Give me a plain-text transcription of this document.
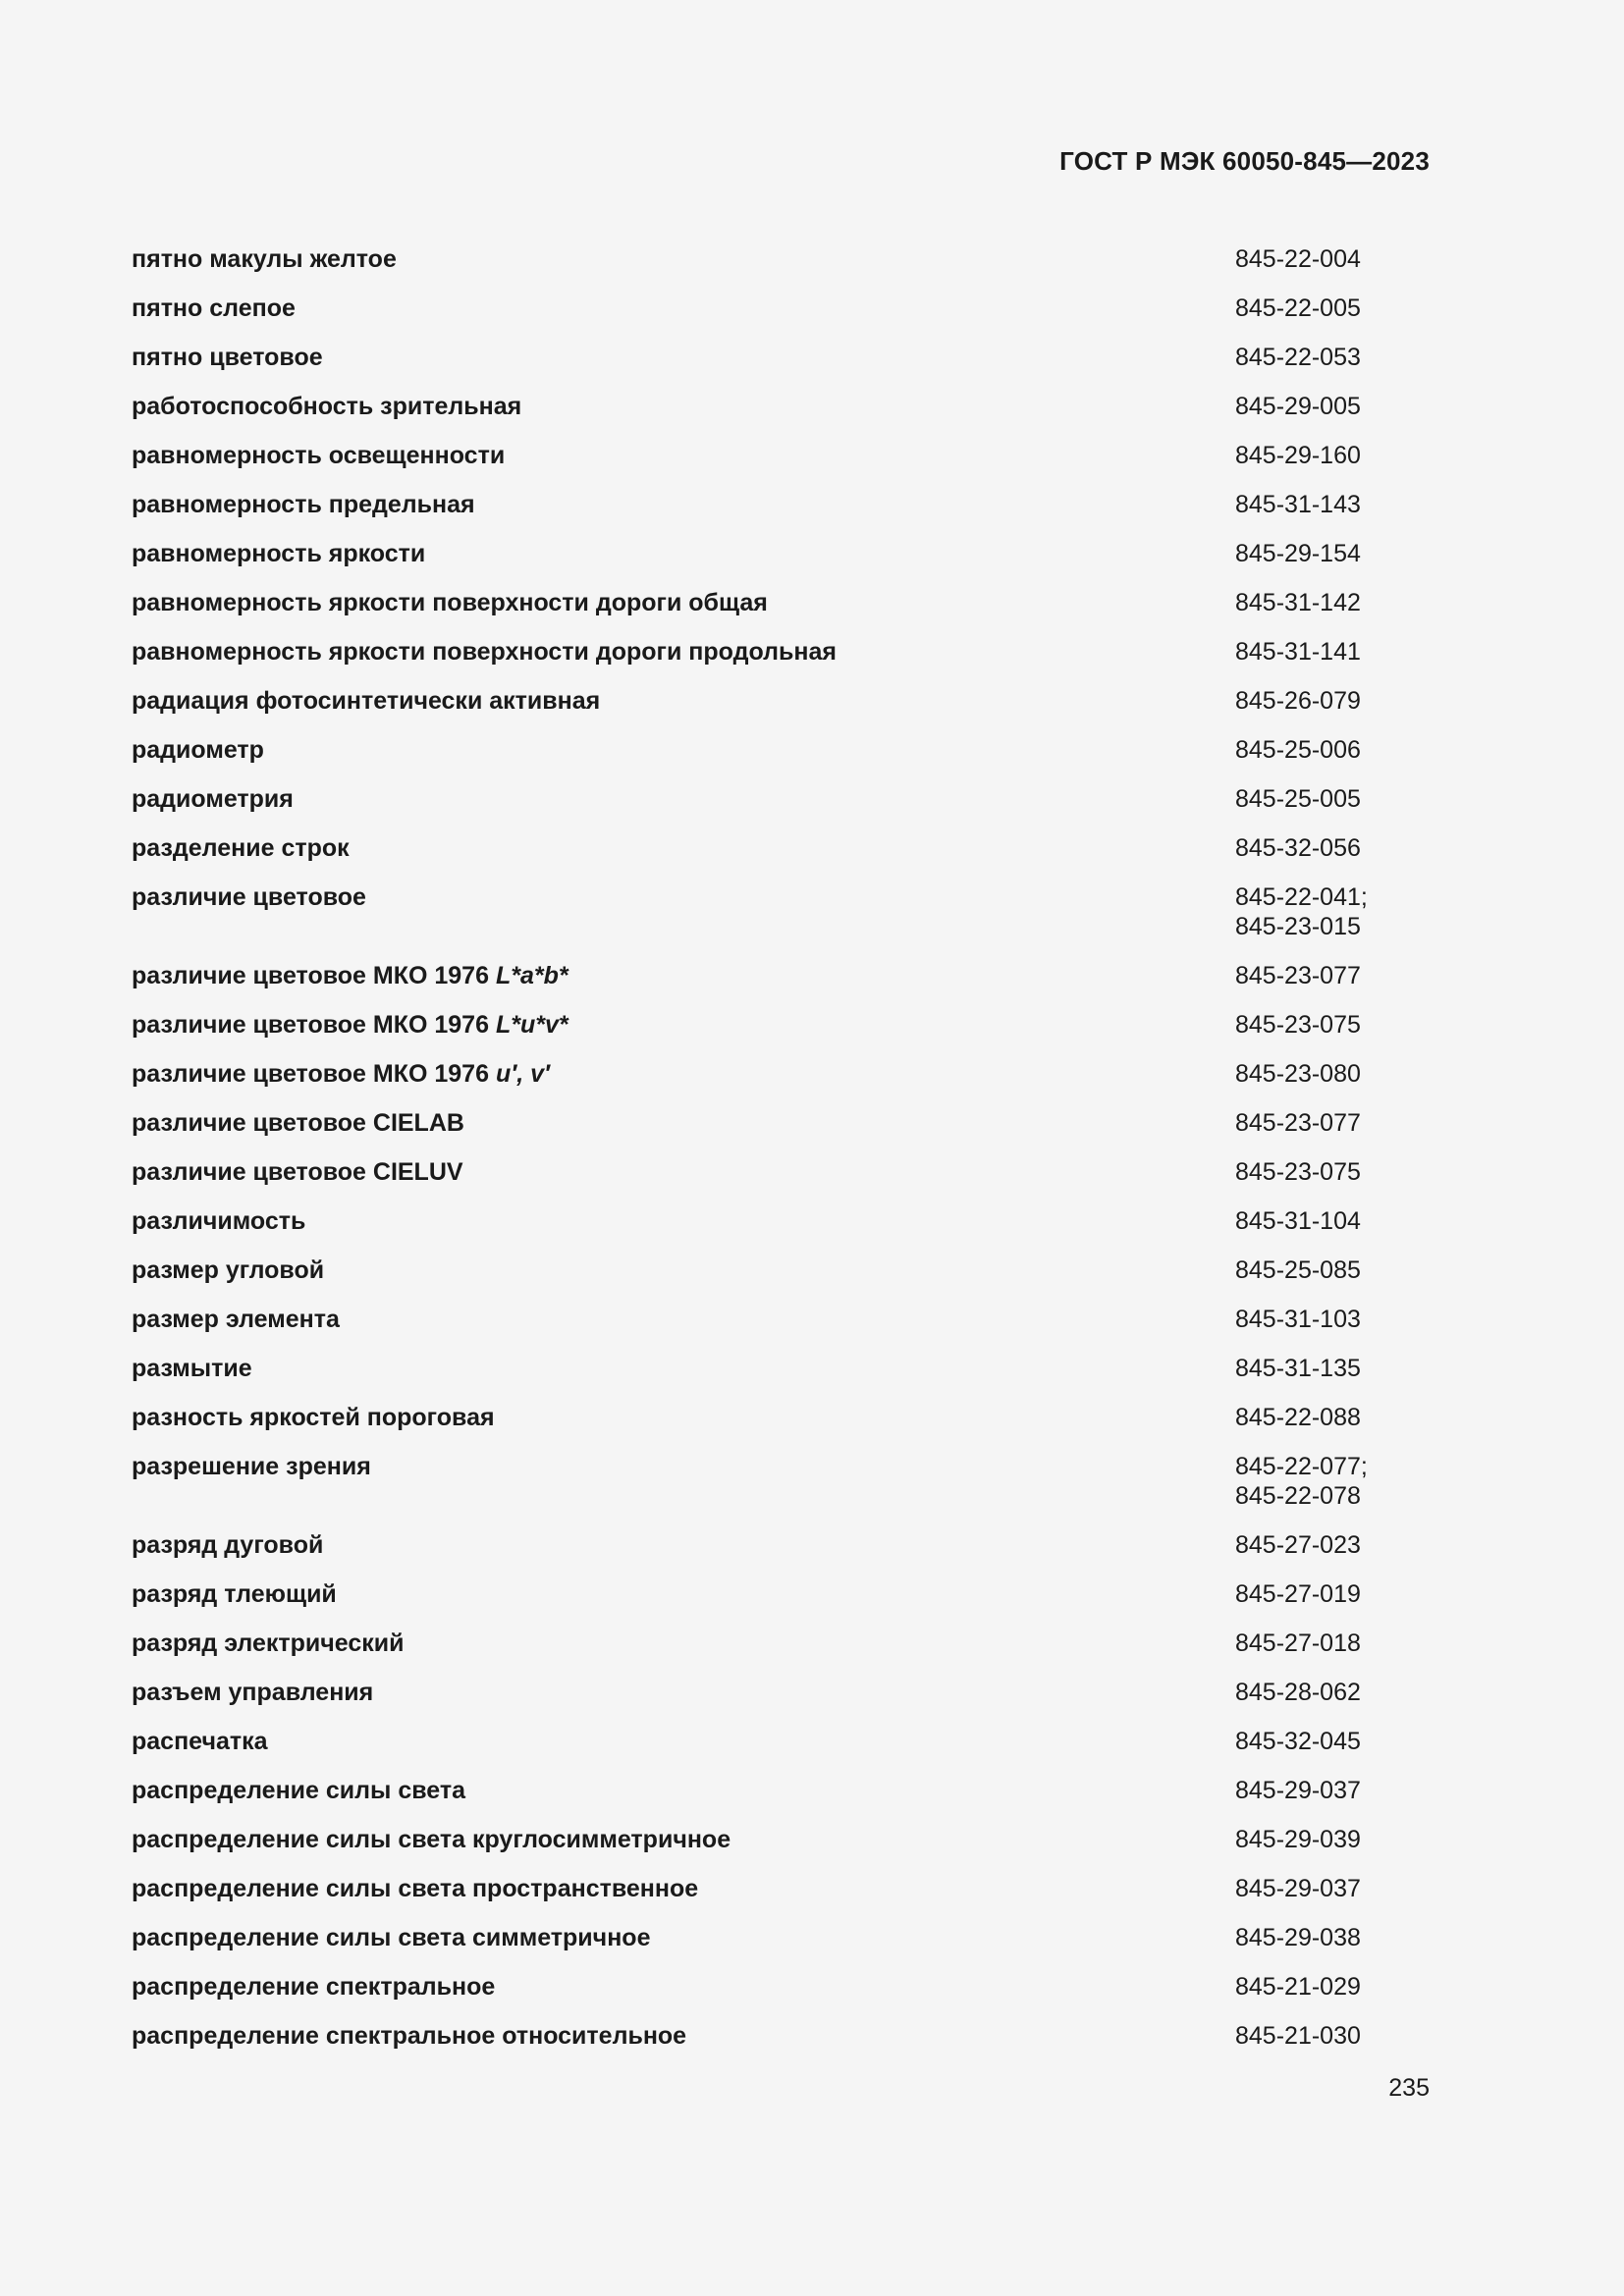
ГОСТ Р МЭК 60050-845—2023
пятно макулы желтое	845-22-004
пятно слепое	845-22-005
пятно цветовое	845-22-053
работоспособность зрительная	845-29-005
равномерность освещенности	845-29-160
равномерность предельная	845-31-143
равномерность яркости	845-29-154
равномерность яркости поверхности дороги общая	845-31-142
равномерность яркости поверхности дороги продольная	845-31-141
радиация фотосинтетически активная	845-26-079
радиометр	845-25-006
радиометрия	845-25-005
разделение строк	845-32-056
различие цветовое	845-22-041;
845-23-015
различие цветовое МКО 1976 L*a*b*	845-23-077
различие цветовое МКО 1976 L*u*v*	845-23-075
различие цветовое МКО 1976 u′, v′	845-23-080
различие цветовое CIELAB	845-23-077
различие цветовое CIELUV	845-23-075
различимость	845-31-104
размер угловой	845-25-085
размер элемента	845-31-103
размытие	845-31-135
разность яркостей пороговая	845-22-088
разрешение зрения	845-22-077;
845-22-078
разряд дуговой	845-27-023
разряд тлеющий	845-27-019
разряд электрический	845-27-018
разъем управления	845-28-062
распечатка	845-32-045
распределение силы света	845-29-037
распределение силы света круглосимметричное	845-29-039
распределение силы света пространственное	845-29-037
распределение силы света симметричное	845-29-038
распределение спектральное	845-21-029
распределение спектральное относительное	845-21-030
235
